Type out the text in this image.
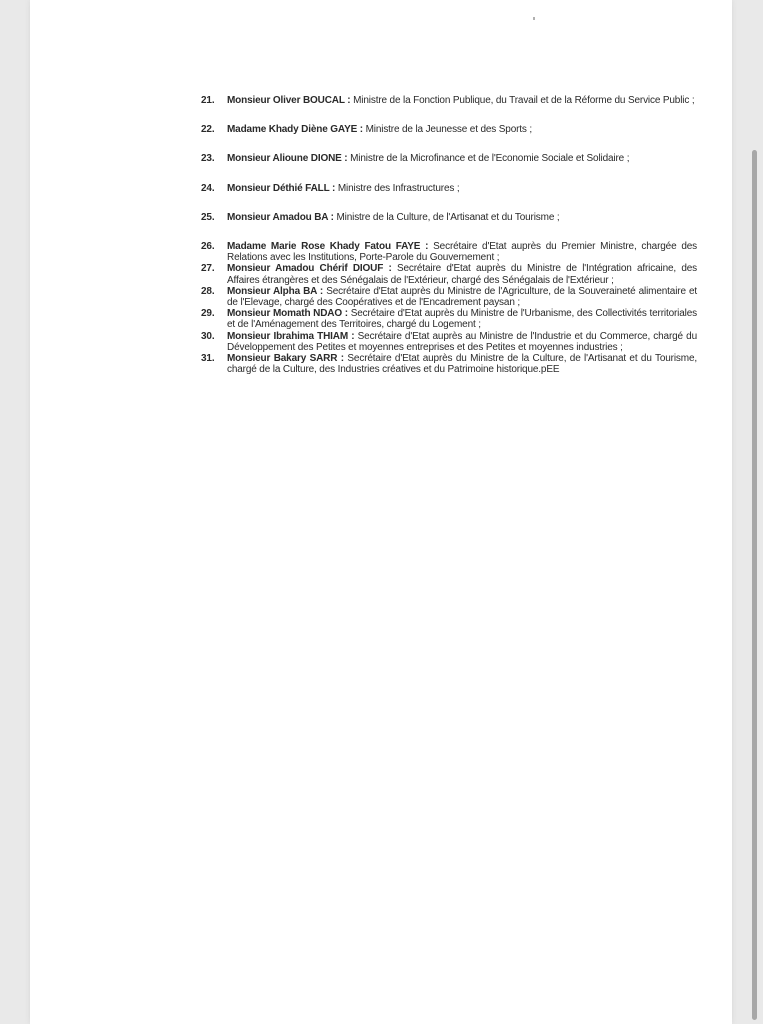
21.	Monsieur Oliver BOUCAL : Ministre de la Fonction Publique, du Travail et de la Réforme du Service Public ;
22.	Madame Khady Diène GAYE : Ministre de la Jeunesse et des Sports ;
23.	Monsieur Alioune DIONE : Ministre de la Microfinance et de l'Economie Sociale et Solidaire ;
24.	Monsieur Déthié FALL : Ministre des Infrastructures ;
25.	Monsieur Amadou BA : Ministre de la Culture, de l'Artisanat et du Tourisme ;
26.	Madame Marie Rose Khady Fatou FAYE : Secrétaire d'Etat auprès du Premier Ministre, chargée des Relations avec les Institutions, Porte-Parole du Gouvernement ;
27.	Monsieur Amadou Chérif DIOUF : Secrétaire d'Etat auprès du Ministre de l'Intégration africaine, des Affaires étrangères et des Sénégalais de l'Extérieur, chargé des Sénégalais de l'Extérieur ;
28.	Monsieur Alpha BA : Secrétaire d'Etat auprès du Ministre de l'Agriculture, de la Souveraineté alimentaire et de l'Elevage, chargé des Coopératives et de l'Encadrement paysan ;
29.	Monsieur Momath NDAO : Secrétaire d'Etat auprès du Ministre de l'Urbanisme, des Collectivités territoriales et de l'Aménagement des Territoires, chargé du Logement ;
30.	Monsieur Ibrahima THIAM : Secrétaire d'Etat auprès au Ministre de l'Industrie et du Commerce, chargé du Développement des Petites et moyennes entreprises et des Petites et moyennes industries ;
31.	Monsieur Bakary SARR : Secrétaire d'Etat auprès du Ministre de la Culture, de l'Artisanat et du Tourisme, chargé de la Culture, des Industries créatives et du Patrimoine historique.pEE
